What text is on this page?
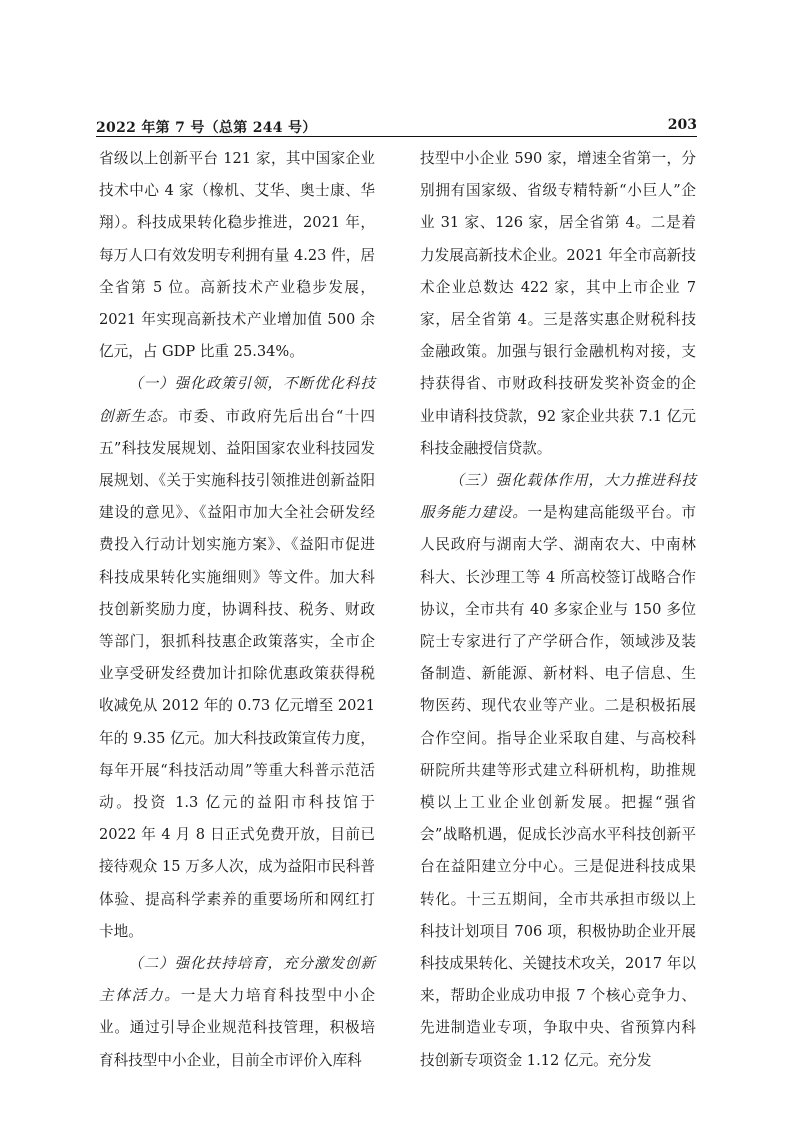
2022 年第 7 号（总第 244 号）	203

省级以上创新平台 121 家，其中国家企业技术中心 4 家（橡机、艾华、奥士康、华翔）。科技成果转化稳步推进，2021 年，每万人口有效发明专利拥有量 4.23 件，居全省第 5 位。高新技术产业稳步发展，2021 年实现高新技术产业增加值 500 余亿元，占 GDP 比重 25.34%。

（一）强化政策引领，不断优化科技创新生态。市委、市政府先后出台“十四五”科技发展规划、益阳国家农业科技园发展规划、《关于实施科技引领推进创新益阳建设的意见》、《益阳市加大全社会研发经费投入行动计划实施方案》、《益阳市促进科技成果转化实施细则》等文件。加大科技创新奖励力度，协调科技、税务、财政等部门，狠抓科技惠企政策落实，全市企业享受研发经费加计扣除优惠政策获得税收减免从 2012 年的 0.73 亿元增至 2021 年的 9.35 亿元。加大科技政策宣传力度，每年开展“科技活动周”等重大科普示范活动。投资 1.3 亿元的益阳市科技馆于 2022 年 4 月 8 日正式免费开放，目前已接待观众 15 万多人次，成为益阳市民科普体验、提高科学素养的重要场所和网红打卡地。

（二）强化扶持培育，充分激发创新主体活力。一是大力培育科技型中小企业。通过引导企业规范科技管理，积极培育科技型中小企业，目前全市评价入库科

技型中小企业 590 家，增速全省第一，分别拥有国家级、省级专精特新“小巨人”企业 31 家、126 家，居全省第 4。二是着力发展高新技术企业。2021 年全市高新技术企业总数达 422 家，其中上市企业 7 家，居全省第 4。三是落实惠企财税科技金融政策。加强与银行金融机构对接，支持获得省、市财政科技研发奖补资金的企业申请科技贷款，92 家企业共获 7.1 亿元科技金融授信贷款。

（三）强化载体作用，大力推进科技服务能力建设。一是构建高能级平台。市人民政府与湖南大学、湖南农大、中南林科大、长沙理工等 4 所高校签订战略合作协议，全市共有 40 多家企业与 150 多位院士专家进行了产学研合作，领域涉及装备制造、新能源、新材料、电子信息、生物医药、现代农业等产业。二是积极拓展合作空间。指导企业采取自建、与高校科研院所共建等形式建立科研机构，助推规模以上工业企业创新发展。把握“强省会”战略机遇，促成长沙高水平科技创新平台在益阳建立分中心。三是促进科技成果转化。十三五期间，全市共承担市级以上科技计划项目 706 项，积极协助企业开展科技成果转化、关键技术攻关，2017 年以来，帮助企业成功申报 7 个核心竞争力、先进制造业专项，争取中央、省预算内科技创新专项资金 1.12 亿元。充分发
